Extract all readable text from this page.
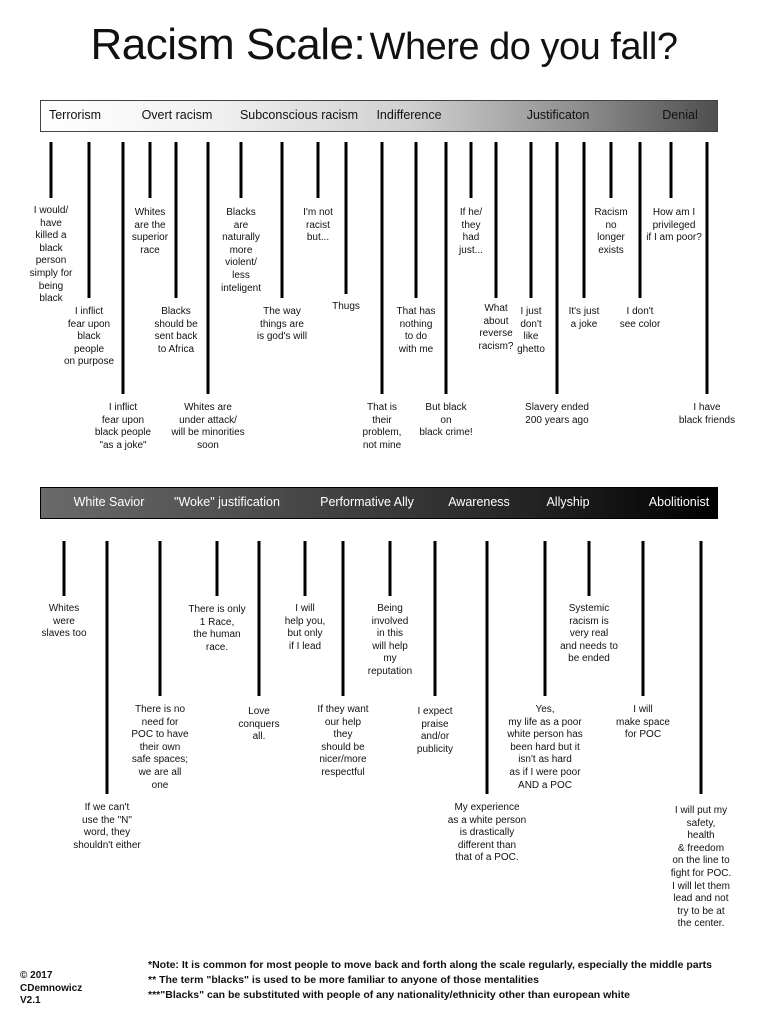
Racism Scale: Where do you fall?
Terrorism	Overt racism Subconscious racism Indifference	Justificaton	Denial
I would/
have
killed a
black
person
simply for
being
black
I inflict
fear upon
black
people
on purpose
I inflict
fear upon
black people
"as a joke"
Whites
are the
superior
race
Blacks
should be
sent back
to Africa
Whites are
under attack/
will be minorities
soon
Blacks
are
naturally
more
violent/
less
inteligent
The way
things are
is god's will
I'm not
racist
but...
Thugs
That is
their
problem,
not mine
That has
nothing
to do
with me
But black
on
black crime!
If he/
they
had
just...
What
about
reverse
racism?
I just
don't
like
ghetto
Slavery ended
200 years ago
It's just
a joke
Racism
no
longer
exists
I don't
see color
How am I
privileged
if I am poor?
I have
black friends
White Savior "Woke" justification	Performative Ally	Awareness	Allyship	Abolitionist
Whites
were
slaves too
If we can't
use the "N"
word, they
shouldn't either
There is no
need for
POC to have
their own
safe spaces;
we are all
one
There is only
1 Race,
the human
race.
Love
conquers
all.
I will
help you,
but only
if I lead
If they want
our help
they
should be
nicer/more
respectful
Being
involved
in this
will help
my
reputation
I expect
praise
and/or
publicity
My experience
as a white person
is drastically
different than
that of a POC.
Yes,
my life as a poor
white person has
been hard but it
isn't as hard
as if I were poor
AND a POC
Systemic
racism is
very real
and needs to
be ended
I will
make space
for POC
I will put my
safety,
health
& freedom
on the line to
fight for POC.
I will let them
lead and not
try to be at
the center.
*Note: It is common for most people to move back and forth along the scale regularly, especially the middle parts
** The term "blacks" is used to be more familiar to anyone of those mentalities
***"Blacks" can be substituted with people of any nationality/ethnicity other than european white
© 2017
CDemnowicz
V2.1
